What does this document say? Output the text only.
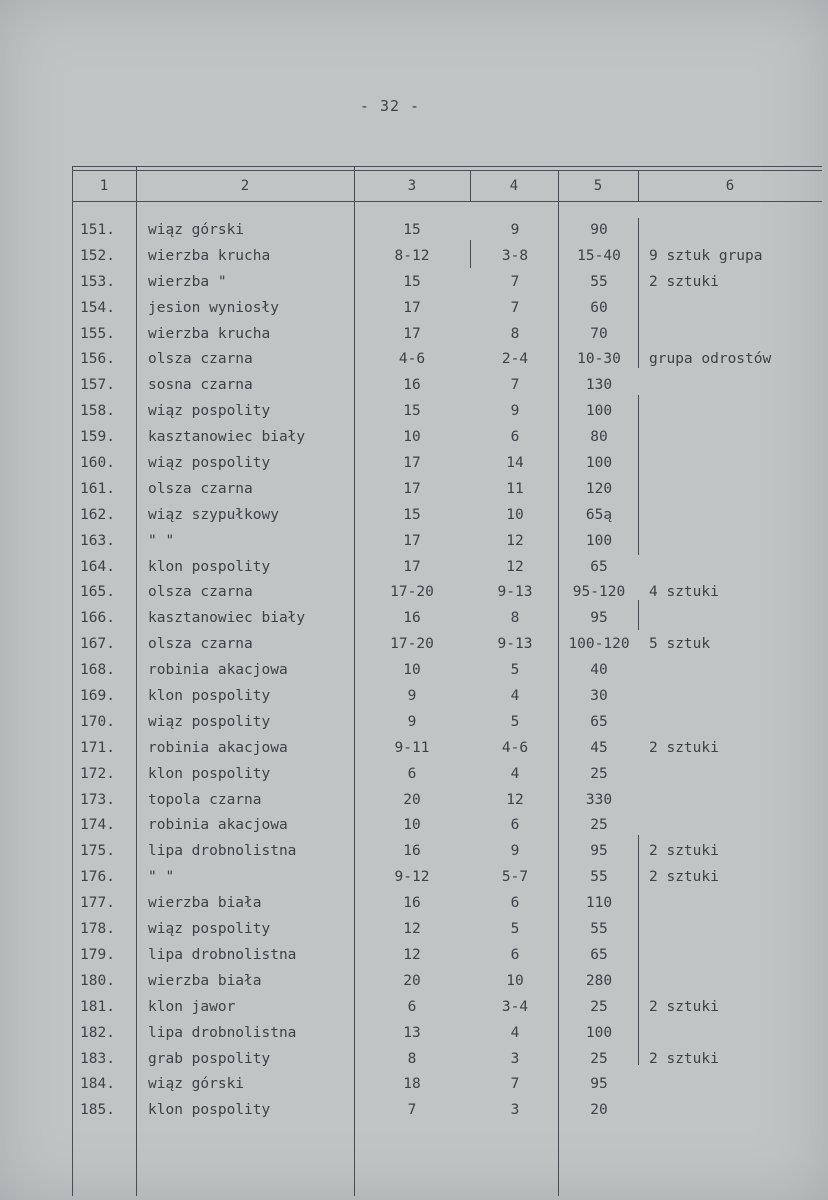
- 32 -
1	2	3	4	5	6
151. wiąz górski	15	9	90
152. wierzba krucha	8-12	3-8	15-40	9 sztuk grupa
153. wierzba "	15	7	55	2 sztuki
154. jesion wyniosły	17	7	60
155. wierzba krucha	17	8	70
156. olsza czarna	4-6	2-4	10-30	grupa odrostów
157. sosna czarna	16	7	130
158. wiąz pospolity	15	9	100
159. kasztanowiec biały	10	6	80
160. wiąz pospolity	17	14	100
161. olsza czarna	17	11	120
162. wiąz szypułkowy	15	10	65ą
163. " "	17	12	100
164. klon pospolity	17	12	65
165. olsza czarna	17-20	9-13	95-120	4 sztuki
166. kasztanowiec biały	16	8	95
167. olsza czarna	17-20	9-13	100-120	5 sztuk
168. robinia akacjowa	10	5	40
169. klon pospolity	9	4	30
170. wiąz pospolity	9	5	65
171. robinia akacjowa	9-11	4-6	45	2 sztuki
172. klon pospolity	6	4	25
173. topola czarna	20	12	330
174. robinia akacjowa	10	6	25
175. lipa drobnolistna	16	9	95	2 sztuki
176. " "	9-12	5-7	55	2 sztuki
177. wierzba biała	16	6	110
178. wiąz pospolity	12	5	55
179. lipa drobnolistna	12	6	65
180. wierzba biała	20	10	280
181. klon jawor	6	3-4	25	2 sztuki
182. lipa drobnolistna	13	4	100
183. grab pospolity	8	3	25	2 sztuki
184. wiąz górski	18	7	95
185. klon pospolity	7	3	20
